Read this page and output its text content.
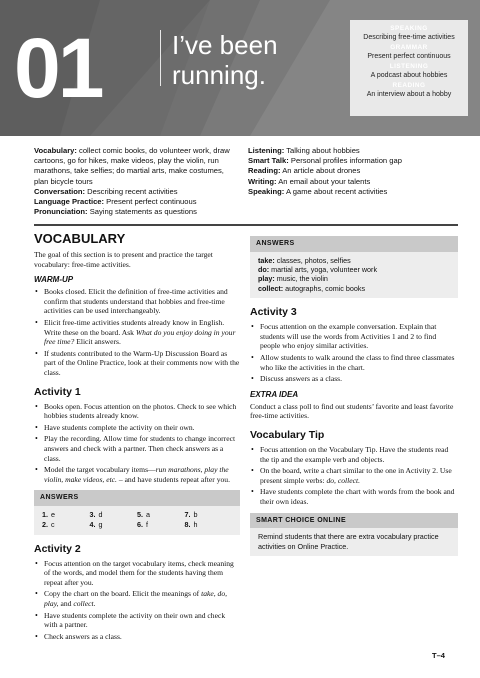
01	I’ve been running.
SPEAKING
Describing free-time activities
GRAMMAR
Present perfect continuous
LISTENING
A podcast about hobbies
READING
An interview about a hobby
Vocabulary: collect comic books, do volunteer work, draw cartoons, go for hikes, make videos, play the violin, run marathons, take selfies; do martial arts, make costumes, plan bicycle tours
Conversation: Describing recent activities
Language Practice: Present perfect continuous
Pronunciation: Saying statements as questions
Listening: Talking about hobbies
Smart Talk: Personal profiles information gap
Reading: An article about drones
Writing: An email about your talents
Speaking: A game about recent activities
VOCABULARY
The goal of this section is to present and practice the target vocabulary: free-time activities.
WARM-UP
• Books closed. Elicit the definition of free-time activities and confirm that students understand that hobbies and free-time activities can be used interchangeably.
• Elicit free-time activities students already know in English. Write these on the board. Ask What do you enjoy doing in your free time? Elicit answers.
• If students contributed to the Warm-Up Discussion Board as part of the Online Practice, look at their comments now with the class.
Activity 1
• Books open. Focus attention on the photos. Check to see which hobbies students already know.
• Have students complete the activity on their own.
• Play the recording. Allow time for students to change incorrect answers and check with a partner. Then check answers as a class.
• Model the target vocabulary items—run marathons, play the violin, make videos, etc. – and have students repeat after you.
ANSWERS
1. e	3. d	5. a	7. b
2. c	4. g	6. f	8. h
Activity 2
• Focus attention on the target vocabulary items, check meaning of the words, and model them for the students having them repeat after you.
• Copy the chart on the board. Elicit the meanings of take, do, play, and collect.
• Have students complete the activity on their own and check with a partner.
• Check answers as a class.
ANSWERS
take: classes, photos, selfies
do: martial arts, yoga, volunteer work
play: music, the violin
collect: autographs, comic books
Activity 3
• Focus attention on the example conversation. Explain that students will use the words from Activities 1 and 2 to find people who enjoy similar activities.
• Allow students to walk around the class to find three classmates who like the activities in the chart.
• Discuss answers as a class.
EXTRA IDEA
Conduct a class poll to find out students’ favorite and least favorite free-time activities.
Vocabulary Tip
• Focus attention on the Vocabulary Tip. Have the students read the tip and the example verb and objects.
• On the board, write a chart similar to the one in Activity 2. Use present simple verbs: do, collect.
• Have students complete the chart with words from the book and their own ideas.
SMART CHOICE ONLINE
Remind students that there are extra vocabulary practice activities on Online Practice.
T–4
